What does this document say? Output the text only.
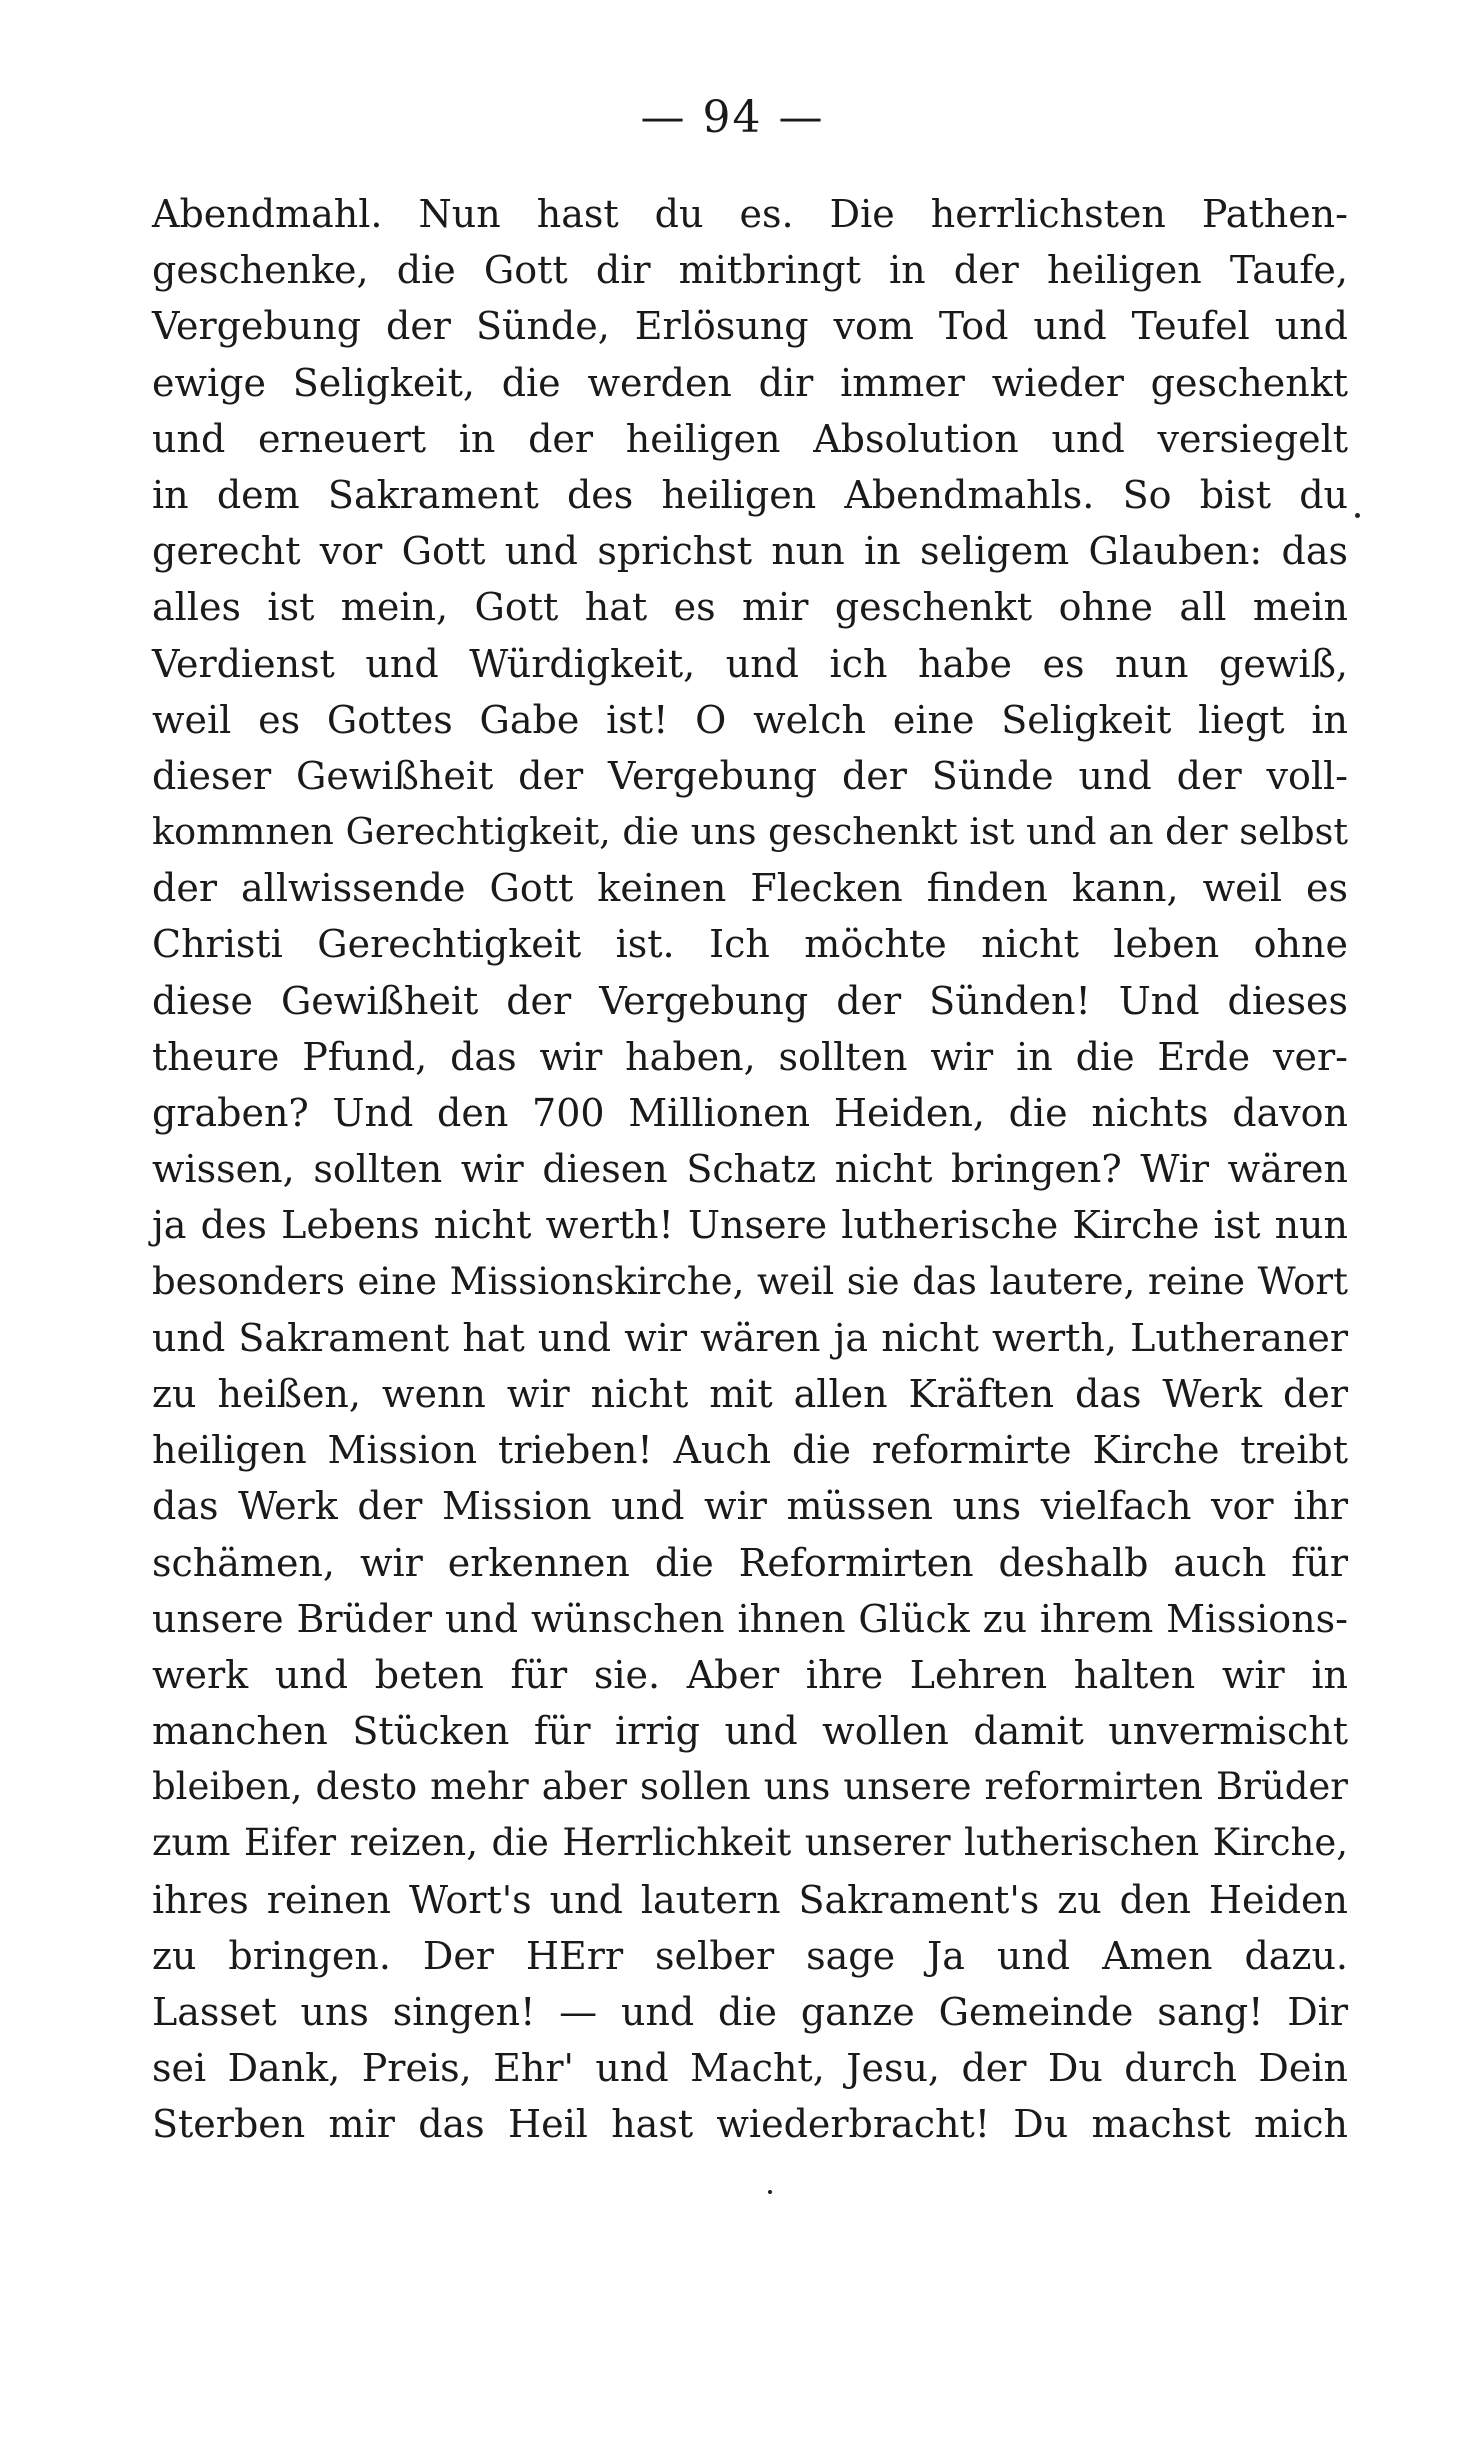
— 94 —
Abendmahl. Nun hast du es. Die herrlichsten Pathen-
geschenke, die Gott dir mitbringt in der heiligen Taufe,
Vergebung der Sünde, Erlösung vom Tod und Teufel und
ewige Seligkeit, die werden dir immer wieder geschenkt
und erneuert in der heiligen Absolution und versiegelt
in dem Sakrament des heiligen Abendmahls. So bist du
gerecht vor Gott und sprichst nun in seligem Glauben: das
alles ist mein, Gott hat es mir geschenkt ohne all mein
Verdienst und Würdigkeit, und ich habe es nun gewiß,
weil es Gottes Gabe ist! O welch eine Seligkeit liegt in
dieser Gewißheit der Vergebung der Sünde und der voll-
kommnen Gerechtigkeit, die uns geschenkt ist und an der selbst
der allwissende Gott keinen Flecken finden kann, weil es
Christi Gerechtigkeit ist. Ich möchte nicht leben ohne
diese Gewißheit der Vergebung der Sünden! Und dieses
theure Pfund, das wir haben, sollten wir in die Erde ver-
graben? Und den 700 Millionen Heiden, die nichts davon
wissen, sollten wir diesen Schatz nicht bringen? Wir wären
ja des Lebens nicht werth! Unsere lutherische Kirche ist nun
besonders eine Missionskirche, weil sie das lautere, reine Wort
und Sakrament hat und wir wären ja nicht werth, Lutheraner
zu heißen, wenn wir nicht mit allen Kräften das Werk der
heiligen Mission trieben! Auch die reformirte Kirche treibt
das Werk der Mission und wir müssen uns vielfach vor ihr
schämen, wir erkennen die Reformirten deshalb auch für
unsere Brüder und wünschen ihnen Glück zu ihrem Missions-
werk und beten für sie. Aber ihre Lehren halten wir in
manchen Stücken für irrig und wollen damit unvermischt
bleiben, desto mehr aber sollen uns unsere reformirten Brüder
zum Eifer reizen, die Herrlichkeit unserer lutherischen Kirche,
ihres reinen Wort's und lautern Sakrament's zu den Heiden
zu bringen. Der HErr selber sage Ja und Amen dazu.
Lasset uns singen! — und die ganze Gemeinde sang! Dir
sei Dank, Preis, Ehr' und Macht, Jesu, der Du durch Dein
Sterben mir das Heil hast wiederbracht! Du machst mich
